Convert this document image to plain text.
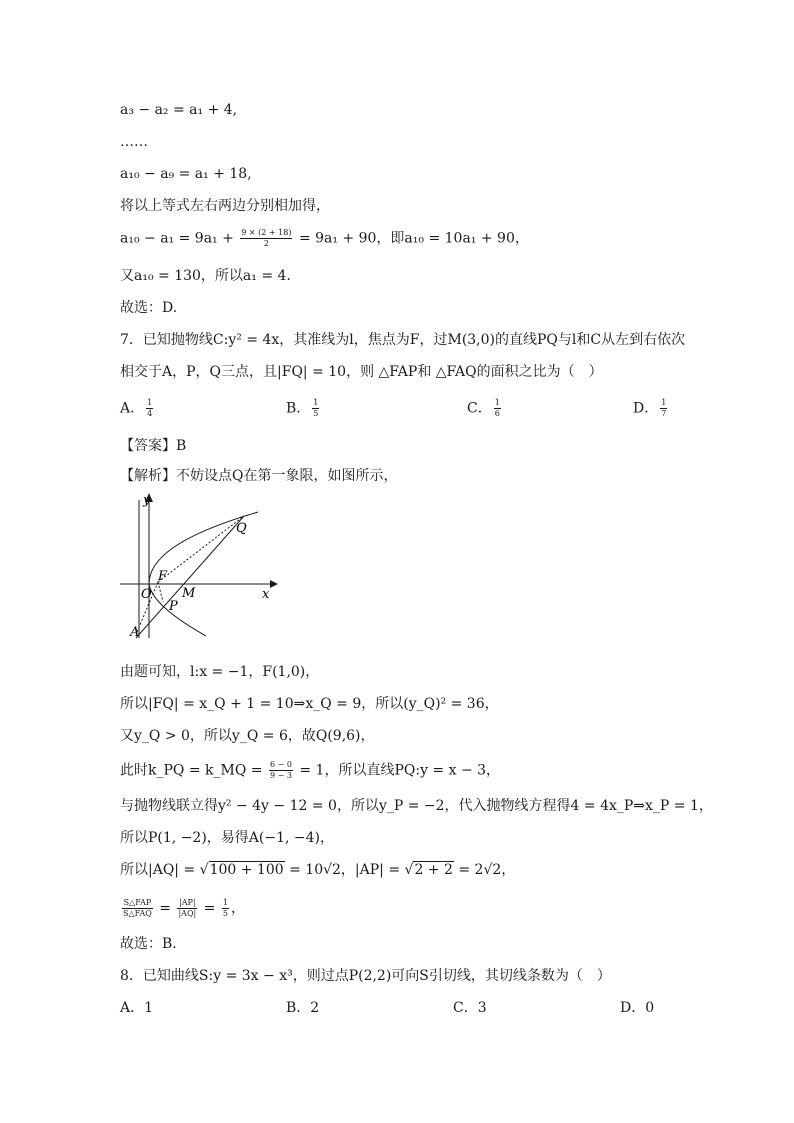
a₃ − a₂ = a₁ + 4,
……
a₁₀ − a₉ = a₁ + 18,
将以上等式左右两边分别相加得，
$a_{10} - a_1 = 9a_1 + \frac{9 \times (2 + 18)}{2} = 9a_1 + 90$，即a₁₀ = 10a₁ + 90，
又a₁₀ = 130，所以a₁ = 4.
故选：D.
7．已知抛物线C:y² = 4x，其准线为l，焦点为F，过M(3,0)的直线PQ与l和C从左到右依次
相交于A，P，Q三点，且|FQ| = 10，则 △FAP和 △FAQ的面积之比为（　）
A． $\frac{1}{4}$	B． $\frac{1}{5}$	C． $\frac{1}{6}$	D． $\frac{1}{7}$
【答案】B
【解析】不妨设点Q在第一象限，如图所示，
y
x
O
F
M
P
Q
A
由题可知，l:x = −1，F(1,0)，
所以|FQ| = x_Q + 1 = 10⇒x_Q = 9，所以(y_Q)² = 36，
又y_Q > 0，所以y_Q = 6，故Q(9,6)，
此时k_PQ = k_MQ = $\frac{6 - 0}{9 - 3} = 1$，所以直线PQ:y = x − 3，
与抛物线联立得y² − 4y − 12 = 0，所以y_P = −2，代入抛物线方程得4 = 4x_P⇒x_P = 1，
所以P(1, −2)，易得A(−1, −4)，
所以|AQ| = √100 + 100 = 10√2，|AP| = √2 + 2 = 2√2，
$\frac{\text{S△FAP}}{\text{S△FAQ}} = \frac{|AP|}{|AQ|} = \frac{1}{5}$ ，
故选：B.
8．已知曲线S:y = 3x − x³，则过点P(2,2)可向S引切线，其切线条数为（　）
A．1	B．2	C．3	D．0
